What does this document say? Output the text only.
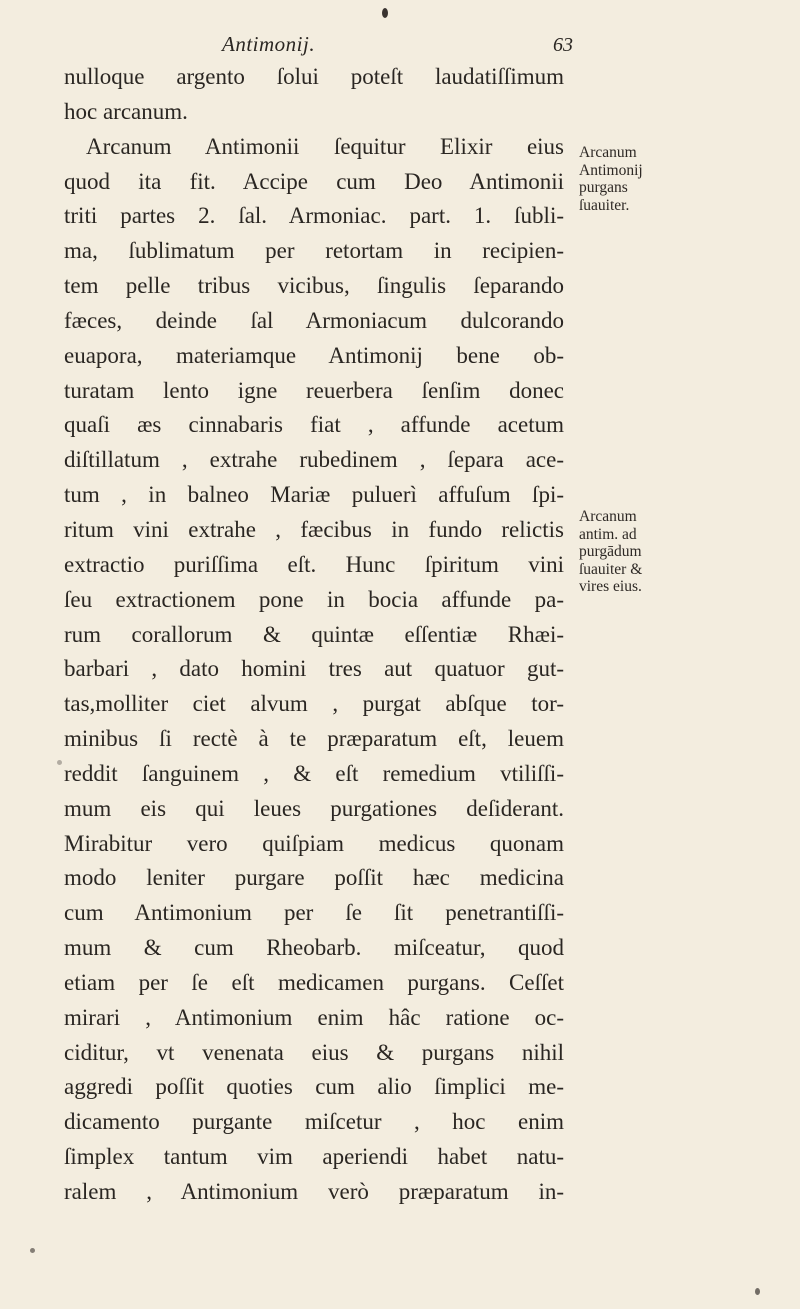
Antimonij.	63
nulloque argento ſolui poteſt laudatiſſimum
hoc arcanum.
Arcanum Antimonii ſequitur Elixir eius
quod ita fit. Accipe cum Deo Antimonii
triti partes 2. ſal. Armoniac. part. 1. ſubli-
ma, ſublimatum per retortam in recipien-
tem pelle tribus vicibus, ſingulis ſeparando
fæces, deinde ſal Armoniacum dulcorando
euapora, materiamque Antimonij bene ob-
turatam lento igne reuerbera ſenſim donec
quaſi æs cinnabaris fiat , affunde acetum
diſtillatum , extrahe rubedinem , ſepara ace-
tum , in balneo Mariæ puluerì affuſum ſpi-
ritum vini extrahe , fæcibus in fundo relictis
extractio puriſſima eſt. Hunc ſpiritum vini
ſeu extractionem pone in bocia affunde pa-
rum corallorum & quintæ eſſentiæ Rhæi-
barbari , dato homini tres aut quatuor gut-
tas,molliter ciet alvum , purgat abſque tor-
minibus ſi rectè à te præparatum eſt, leuem
reddit ſanguinem , & eſt remedium vtiliſſi-
mum eis qui leues purgationes deſiderant.
Mirabitur vero quiſpiam medicus quonam
modo leniter purgare poſſit hæc medicina
cum Antimonium per ſe ſit penetrantiſſi-
mum & cum Rheobarb. miſceatur, quod
etiam per ſe eſt medicamen purgans. Ceſſet
mirari , Antimonium enim hâc ratione oc-
ciditur, vt venenata eius & purgans nihil
aggredi poſſit quoties cum alio ſimplici me-
dicamento purgante miſcetur , hoc enim
ſimplex tantum vim aperiendi habet natu-
ralem , Antimonium verò præparatum in-
Arcanum
Antimonij
purgans
ſuauiter.
Arcanum
antim. ad
purgādum
ſuauiter &
vires eius.
